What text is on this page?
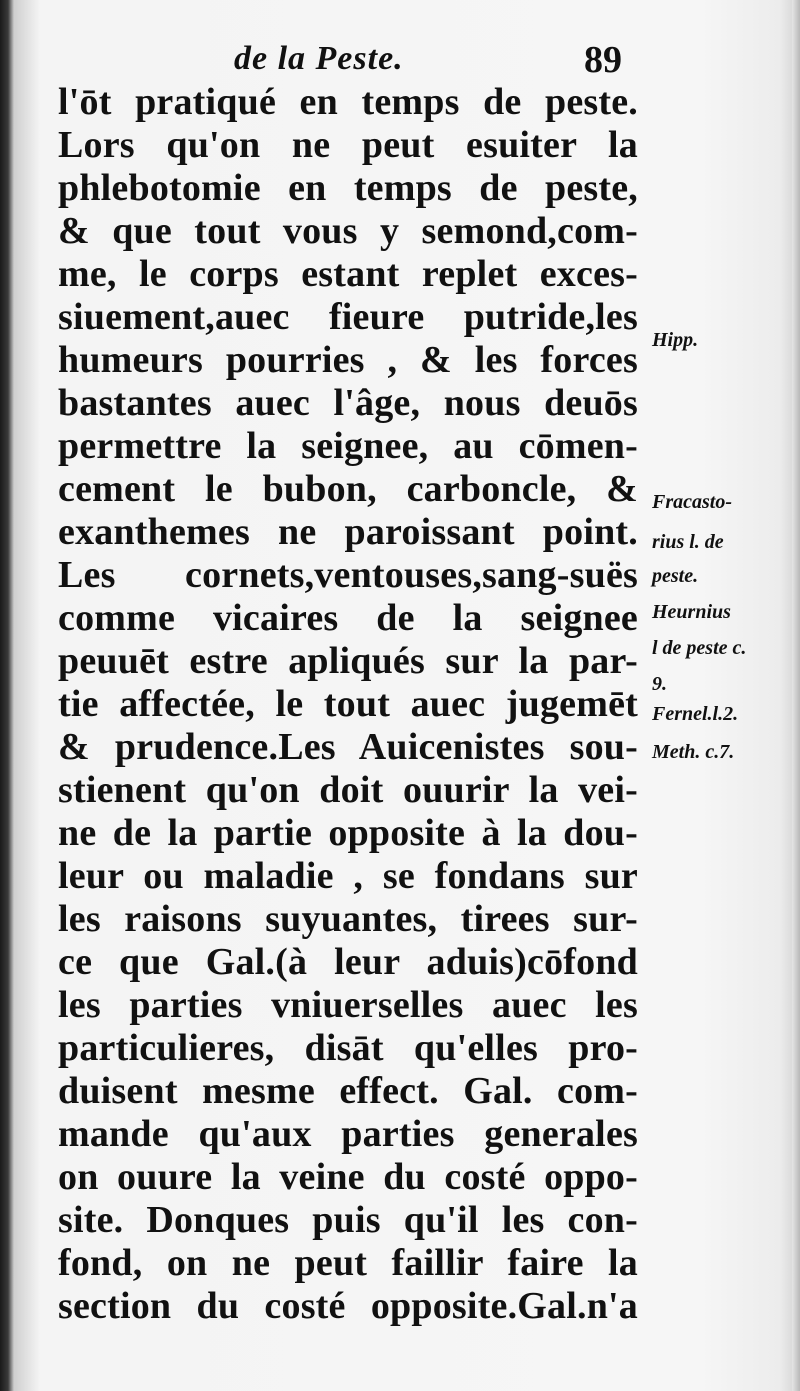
de la Peste.	89
l'ōt pratiqué en temps de peste.
Lors qu'on ne peut esuiter la
phlebotomie en temps de peste,
& que tout vous y semond,com-
me, le corps estant replet exces-
siuement,auec fieure putride,les
humeurs pourries , & les forces
bastantes auec l'âge, nous deuōs
permettre la seignee, au cōmen-
cement le bubon, carboncle, &
exanthemes ne paroissant point.
Les cornets,ventouses,sang-suës
comme vicaires de la seignee
peuuēt estre apliqués sur la par-
tie affectée, le tout auec jugemēt
& prudence.Les Auicenistes sou-
stienent qu'on doit ouurir la vei-
ne de la partie opposite à la dou-
leur ou maladie , se fondans sur
les raisons suyuantes, tirees sur-
ce que Gal.(à leur aduis)cōfond
les parties vniuerselles auec les
particulieres, disāt qu'elles pro-
duisent mesme effect. Gal. com-
mande qu'aux parties generales
on ouure la veine du costé oppo-
site. Donques puis qu'il les con-
fond, on ne peut faillir faire la
section du costé opposite.Gal.n'a
Hipp.
Fracasto-
rius l. de
peste.
Heurnius
l de peste c.
9.
Fernel.l.2.
Meth. c.7.
